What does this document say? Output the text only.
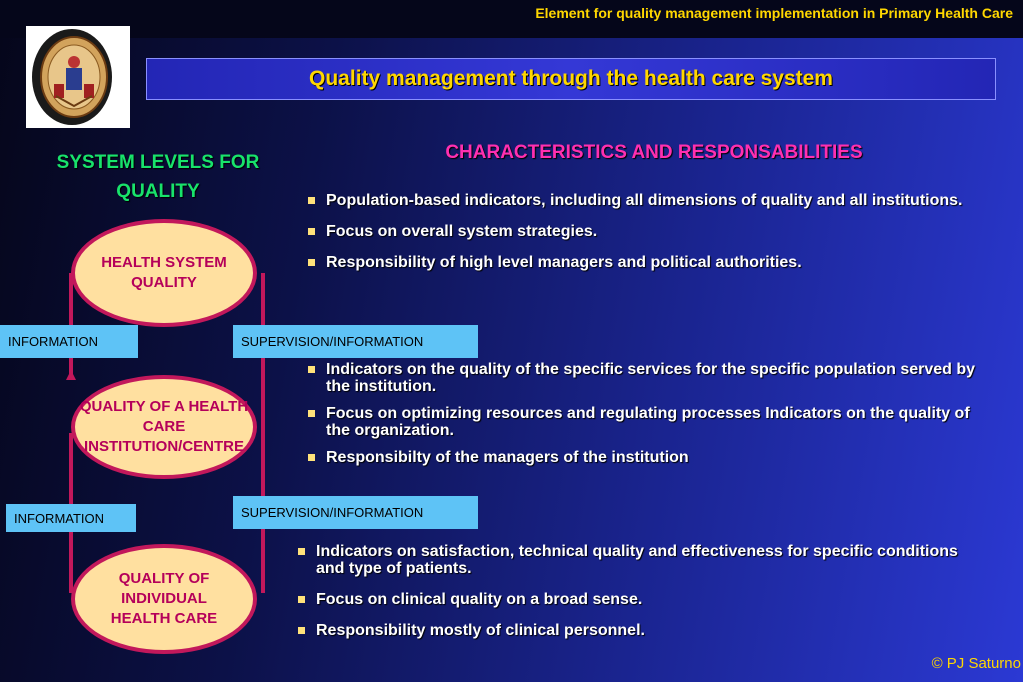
Element for quality management implementation in Primary Health Care
Quality management through the health care system
SYSTEM LEVELS FOR QUALITY
CHARACTERISTICS AND RESPONSABILITIES
HEALTH SYSTEM QUALITY
QUALITY OF A HEALTH CARE INSTITUTION/CENTRE
QUALITY OF INDIVIDUAL HEALTH CARE
INFORMATION	SUPERVISION/INFORMATION
INFORMATION	SUPERVISION/INFORMATION
Population-based indicators, including all dimensions of quality and all institutions.
Focus on overall system strategies.
Responsibility of high level managers and political authorities.
Indicators on the quality of the specific services for the specific population served by the institution.
Focus on optimizing resources and regulating processes Indicators on the quality of the organization.
Responsibilty of the managers of the institution
Indicators on satisfaction, technical quality and effectiveness for specific conditions and type of patients.
Focus on clinical quality on a broad sense.
Responsibility mostly of clinical personnel.
© PJ Saturno
